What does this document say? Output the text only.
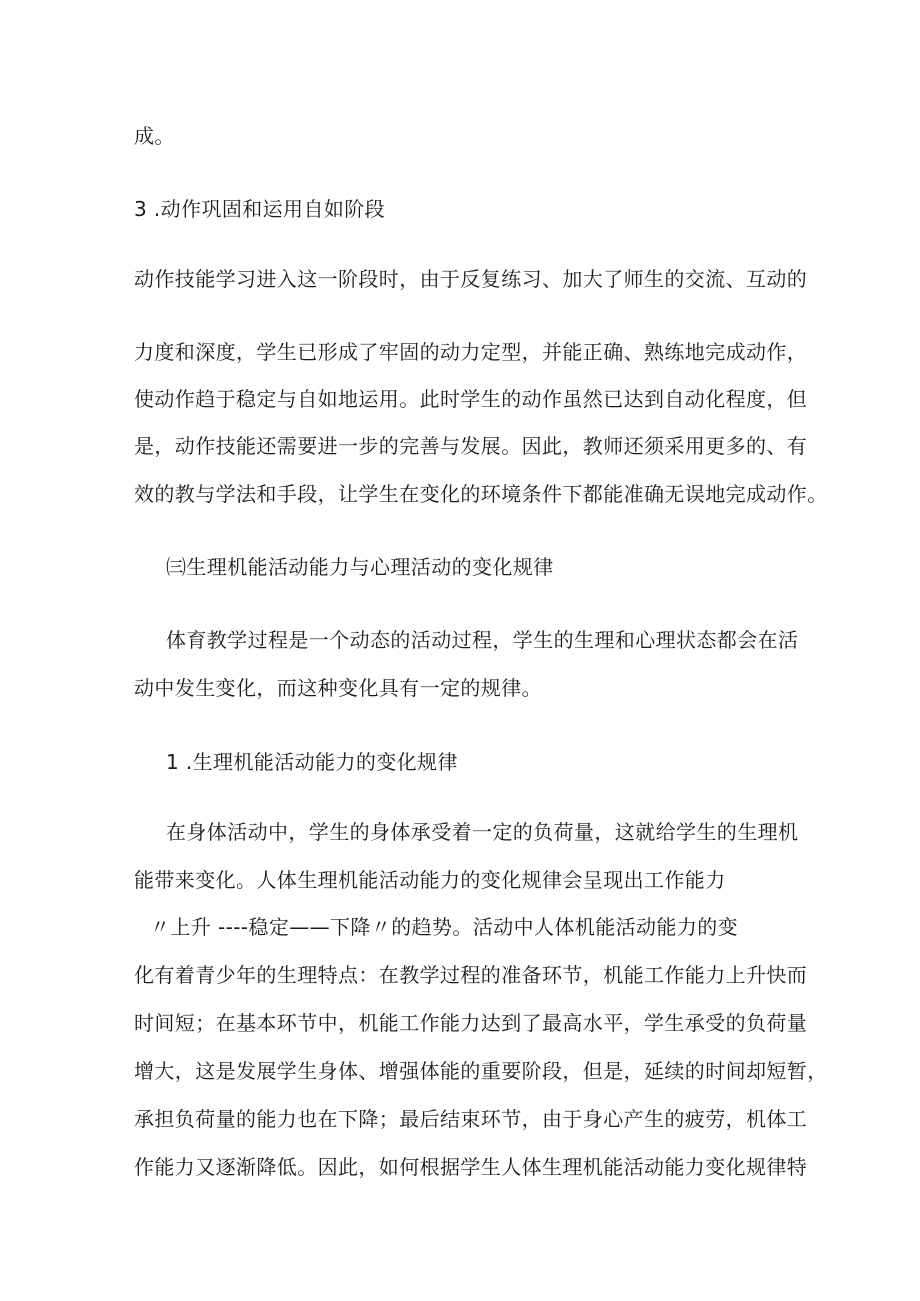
成。
3 .动作巩固和运用自如阶段
动作技能学习进入这一阶段时，由于反复练习、加大了师生的交流、互动的
力度和深度，学生已形成了牢固的动力定型，并能正确、熟练地完成动作，
使动作趋于稳定与自如地运用。此时学生的动作虽然已达到自动化程度，但
是，动作技能还需要进一步的完善与发展。因此，教师还须采用更多的、有
效的教与学法和手段，让学生在变化的环境条件下都能准确无误地完成动作。
㈢生理机能活动能力与心理活动的变化规律
体育教学过程是一个动态的活动过程，学生的生理和心理状态都会在活
动中发生变化，而这种变化具有一定的规律。
1 .生理机能活动能力的变化规律
在身体活动中，学生的身体承受着一定的负荷量，这就给学生的生理机
能带来变化。人体生理机能活动能力的变化规律会呈现出工作能力
〃上升 ----稳定——下降〃的趋势。活动中人体机能活动能力的变
化有着青少年的生理特点：在教学过程的准备环节，机能工作能力上升快而
时间短；在基本环节中，机能工作能力达到了最高水平，学生承受的负荷量
增大，这是发展学生身体、增强体能的重要阶段，但是，延续的时间却短暂，
承担负荷量的能力也在下降；最后结束环节，由于身心产生的疲劳，机体工
作能力又逐渐降低。因此，如何根据学生人体生理机能活动能力变化规律特
